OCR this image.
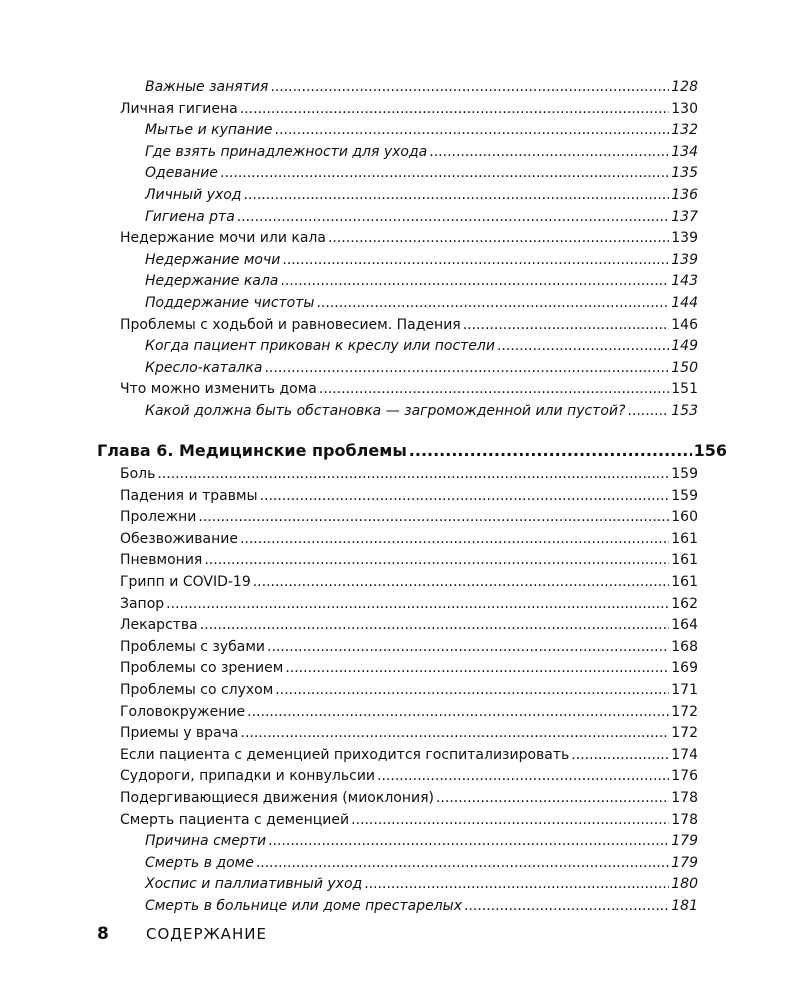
Важные занятия .....	128
Личная гигиена .....	130
Мытье и купание .....	132
Где взять принадлежности для ухода .....	134
Одевание .....	135
Личный уход .....	136
Гигиена рта .....	137
Недержание мочи или кала .....	139
Недержание мочи .....	139
Недержание кала .....	143
Поддержание чистоты .....	144
Проблемы с ходьбой и равновесием. Падения .....	146
Когда пациент прикован к креслу или постели .....	149
Кресло-каталка .....	150
Что можно изменить дома .....	151
Какой должна быть обстановка — загроможденной или пустой? .....	153
Глава 6. Медицинские проблемы .....	156
Боль .....	159
Падения и травмы .....	159
Пролежни .....	160
Обезвоживание .....	161
Пневмония .....	161
Грипп и COVID-19 .....	161
Запор .....	162
Лекарства .....	164
Проблемы с зубами .....	168
Проблемы со зрением .....	169
Проблемы со слухом .....	171
Головокружение .....	172
Приемы у врача .....	172
Если пациента с деменцией приходится госпитализировать .....	174
Судороги, припадки и конвульсии .....	176
Подергивающиеся движения (миоклония) .....	178
Смерть пациента с деменцией .....	178
Причина смерти .....	179
Смерть в доме .....	179
Хоспис и паллиативный уход .....	180
Смерть в больнице или доме престарелых .....	181
8 СОДЕРЖАНИЕ
